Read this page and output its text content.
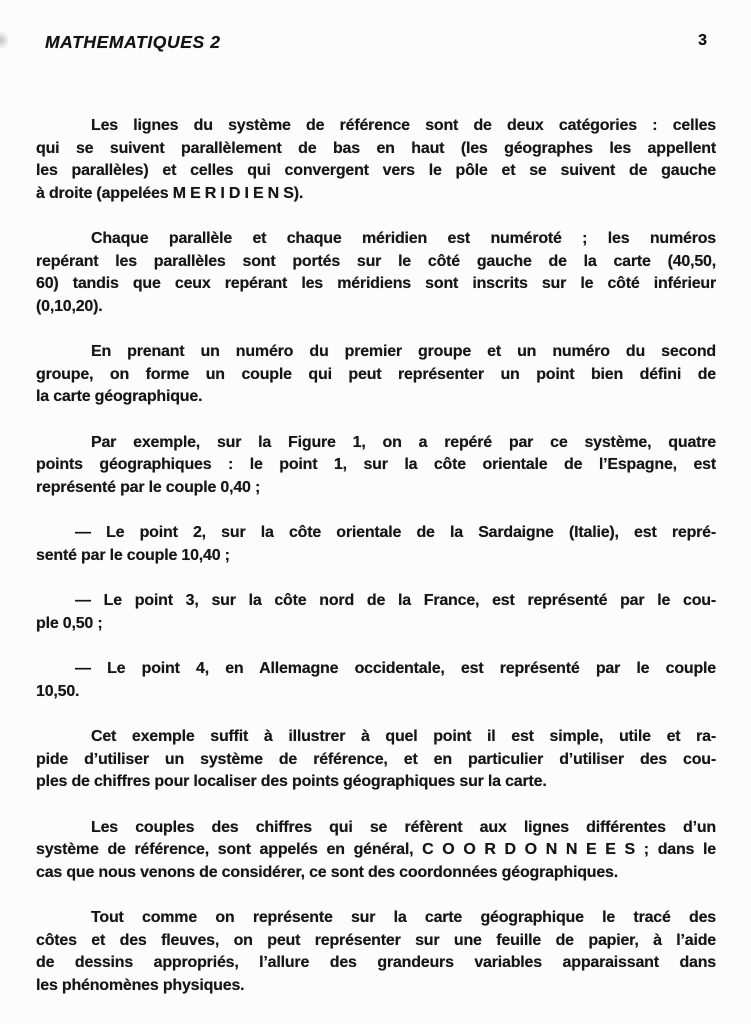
MATHEMATIQUES 2	3

Les lignes du système de référence sont de deux catégories : celles
qui se suivent parallèlement de bas en haut (les géographes les appellent
les parallèles) et celles qui convergent vers le pôle et se suivent de gauche
à droite (appelées M E R I D I E N S).

Chaque parallèle et chaque méridien est numéroté ; les numéros
repérant les parallèles sont portés sur le côté gauche de la carte (40,50,
60) tandis que ceux repérant les méridiens sont inscrits sur le côté inférieur
(0,10,20).

En prenant un numéro du premier groupe et un numéro du second
groupe, on forme un couple qui peut représenter un point bien défini de
la carte géographique.

Par exemple, sur la Figure 1, on a repéré par ce système, quatre
points géographiques : le point 1, sur la côte orientale de l’Espagne, est
représenté par le couple 0,40 ;

— Le point 2, sur la côte orientale de la Sardaigne (Italie), est repré-
senté par le couple 10,40 ;

— Le point 3, sur la côte nord de la France, est représenté par le cou-
ple 0,50 ;

— Le point 4, en Allemagne occidentale, est représenté par le couple
10,50.

Cet exemple suffit à illustrer à quel point il est simple, utile et ra-
pide d’utiliser un système de référence, et en particulier d’utiliser des cou-
ples de chiffres pour localiser des points géographiques sur la carte.

Les couples des chiffres qui se réfèrent aux lignes différentes d’un
système de référence, sont appelés en général, C O O R D O N N E E S ; dans le
cas que nous venons de considérer, ce sont des coordonnées géographiques.

Tout comme on représente sur la carte géographique le tracé des
côtes et des fleuves, on peut représenter sur une feuille de papier, à l’aide
de dessins appropriés, l’allure des grandeurs variables apparaissant dans
les phénomènes physiques.
